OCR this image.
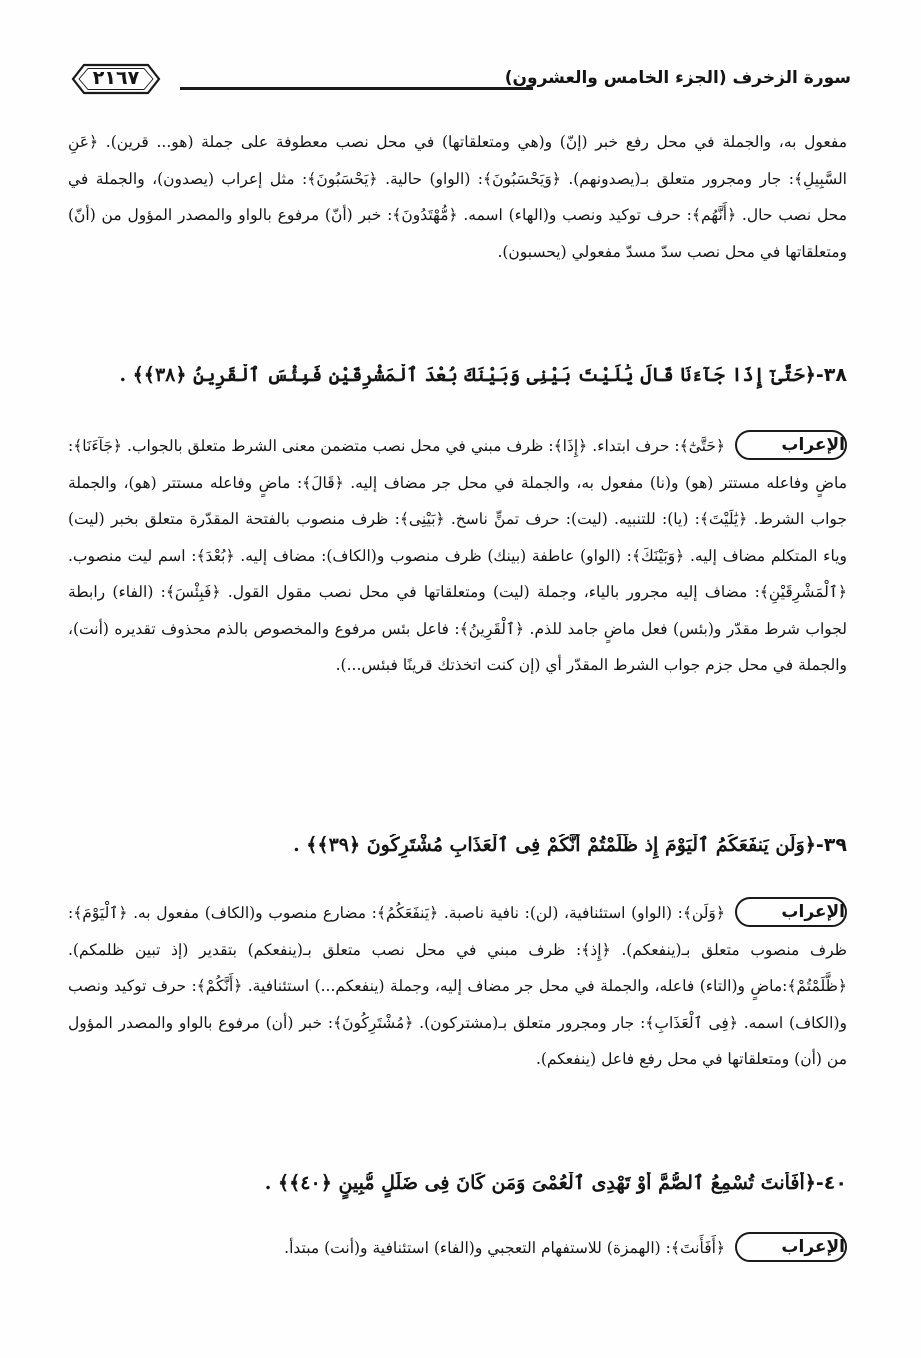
سورة الزخرف (الجزء الخامس والعشرون)
٢١٦٧
مفعول به، والجملة في محل رفع خبر (إنّ) و(هي ومتعلقاتها) في محل نصب معطوفة على جملة (هو... قرين). ﴿عَنِ السَّبِيلِ﴾: جار ومجرور متعلق بـ(يصدونهم). ﴿وَيَحْسَبُونَ﴾: (الواو) حالية. ﴿يَحْسَبُونَ﴾: مثل إعراب (يصدون)، والجملة في محل نصب حال. ﴿أَنَّهُم﴾: حرف توكيد ونصب و(الهاء) اسمه. ﴿مُّهْتَدُونَ﴾: خبر (أنّ) مرفوع بالواو والمصدر المؤول من (أنّ) ومتعلقاتها في محل نصب سدّ مسدّ مفعولي (يحسبون).
٣٨-﴿حَتَّىٰٓ إِذَا جَآءَنَا قَالَ يَٰلَيْتَ بَيْنِى وَبَيْنَكَ بُعْدَ ٱلْمَشْرِقَيْنِ فَبِئْسَ ٱلْقَرِينُ ﴿٣٨﴾﴾ .
الإعراب
﴿حَتَّىٰٓ﴾: حرف ابتداء. ﴿إِذَا﴾: ظرف مبني في محل نصب متضمن معنى الشرط متعلق بالجواب. ﴿جَآءَنَا﴾: ماضٍ وفاعله مستتر (هو) و(نا) مفعول به، والجملة في محل جر مضاف إليه. ﴿قَالَ﴾: ماضٍ وفاعله مستتر (هو)، والجملة جواب الشرط. ﴿يَٰلَيْتَ﴾: (يا): للتنبيه. (ليت): حرف تمنٍّ ناسخ. ﴿بَيْنِى﴾: ظرف منصوب بالفتحة المقدّرة متعلق بخبر (ليت) وياء المتكلم مضاف إليه. ﴿وَبَيْنَكَ﴾: (الواو) عاطفة (بينك) ظرف منصوب و(الكاف): مضاف إليه. ﴿بُعْدَ﴾: اسم ليت منصوب. ﴿ٱلْمَشْرِقَيْنِ﴾: مضاف إليه مجرور بالياء، وجملة (ليت) ومتعلقاتها في محل نصب مقول القول. ﴿فَبِئْسَ﴾: (الفاء) رابطة لجواب شرط مقدّر و(بئس) فعل ماضٍ جامد للذم. ﴿ٱلْقَرِينُ﴾: فاعل بئس مرفوع والمخصوص بالذم محذوف تقديره (أنت)، والجملة في محل جزم جواب الشرط المقدّر أي (إن كنت اتخذتك قرينًا فبئس...).
٣٩-﴿وَلَن يَنفَعَكُمُ ٱلْيَوْمَ إِذ ظَّلَمْتُمْ أَنَّكُمْ فِى ٱلْعَذَابِ مُشْتَرِكُونَ ﴿٣٩﴾﴾ .
الإعراب
﴿وَلَن﴾: (الواو) استئنافية، (لن): نافية ناصبة. ﴿يَنفَعَكُمُ﴾: مضارع منصوب و(الكاف) مفعول به. ﴿ٱلْيَوْمَ﴾: ظرف منصوب متعلق بـ(ينفعكم). ﴿إِذ﴾: ظرف مبني في محل نصب متعلق بـ(ينفعكم) بتقدير (إذ تبين ظلمكم). ﴿ظَّلَمْتُمْ﴾:ماضٍ و(التاء) فاعله، والجملة في محل جر مضاف إليه، وجملة (ينفعكم...) استئنافية. ﴿أَنَّكُمْ﴾: حرف توكيد ونصب و(الكاف) اسمه. ﴿فِى ٱلْعَذَابِ﴾: جار ومجرور متعلق بـ(مشتركون). ﴿مُشْتَرِكُونَ﴾: خبر (أن) مرفوع بالواو والمصدر المؤول من (أن) ومتعلقاتها في محل رفع فاعل (ينفعكم).
٤٠-﴿أَفَأَنتَ تُسْمِعُ ٱلصُّمَّ أَوْ تَهْدِى ٱلْعُمْىَ وَمَن كَانَ فِى ضَلَٰلٍ مُّبِينٍ ﴿٤٠﴾﴾ .
الإعراب
﴿أَفَأَنتَ﴾: (الهمزة) للاستفهام التعجبي و(الفاء) استئنافية و(أنت) مبتدأ.
